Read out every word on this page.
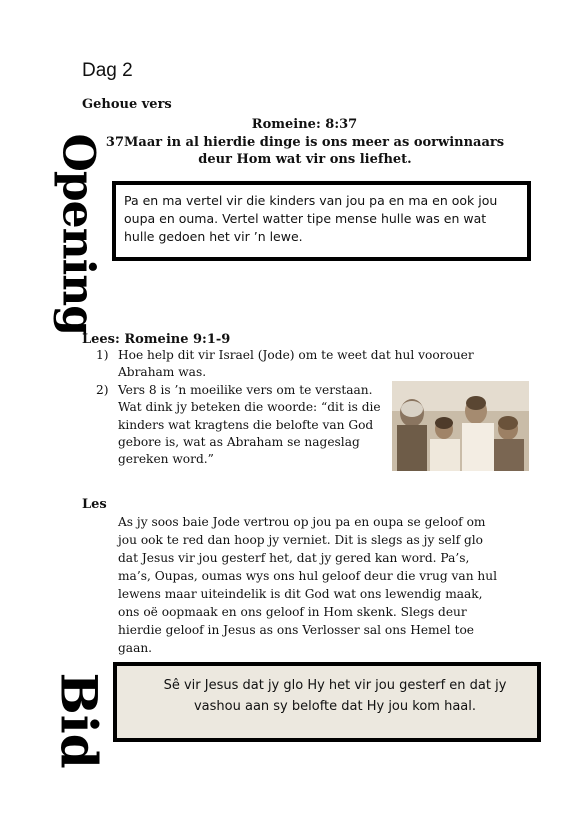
Dag 2
Gehoue vers
Romeine: 8:37
37Maar in al hierdie dinge is ons meer as oorwinnaars deur Hom wat vir ons liefhet.
Opening	Pa en ma vertel vir die kinders van jou pa en ma en ook jou oupa en ouma. Vertel watter tipe mense hulle was en wat hulle gedoen het vir ’n lewe.
Lees: Romeine 9:1-9
1) Hoe help dit vir Israel (Jode) om te weet dat hul voorouer Abraham was.
2) Vers 8 is ’n moeilike vers om te verstaan. Wat dink jy beteken die woorde: “dit is die kinders wat kragtens die belofte van God gebore is, wat as Abraham se nageslag gereken word.”
Les
As jy soos baie Jode vertrou op jou pa en oupa se geloof om jou ook te red dan hoop jy verniet. Dit is slegs as jy self glo dat Jesus vir jou gesterf het, dat jy gered kan word. Pa’s, ma’s, Oupas, oumas wys ons hul geloof deur die vrug van hul lewens maar uiteindelik is dit God wat ons lewendig maak, ons oë oopmaak en ons geloof in Hom skenk. Slegs deur hierdie geloof in Jesus as ons Verlosser sal ons Hemel toe gaan.
Sê vir Jesus dat jy glo Hy het vir jou gesterf en dat jy vashou aan sy belofte dat Hy jou kom haal.
Bid
